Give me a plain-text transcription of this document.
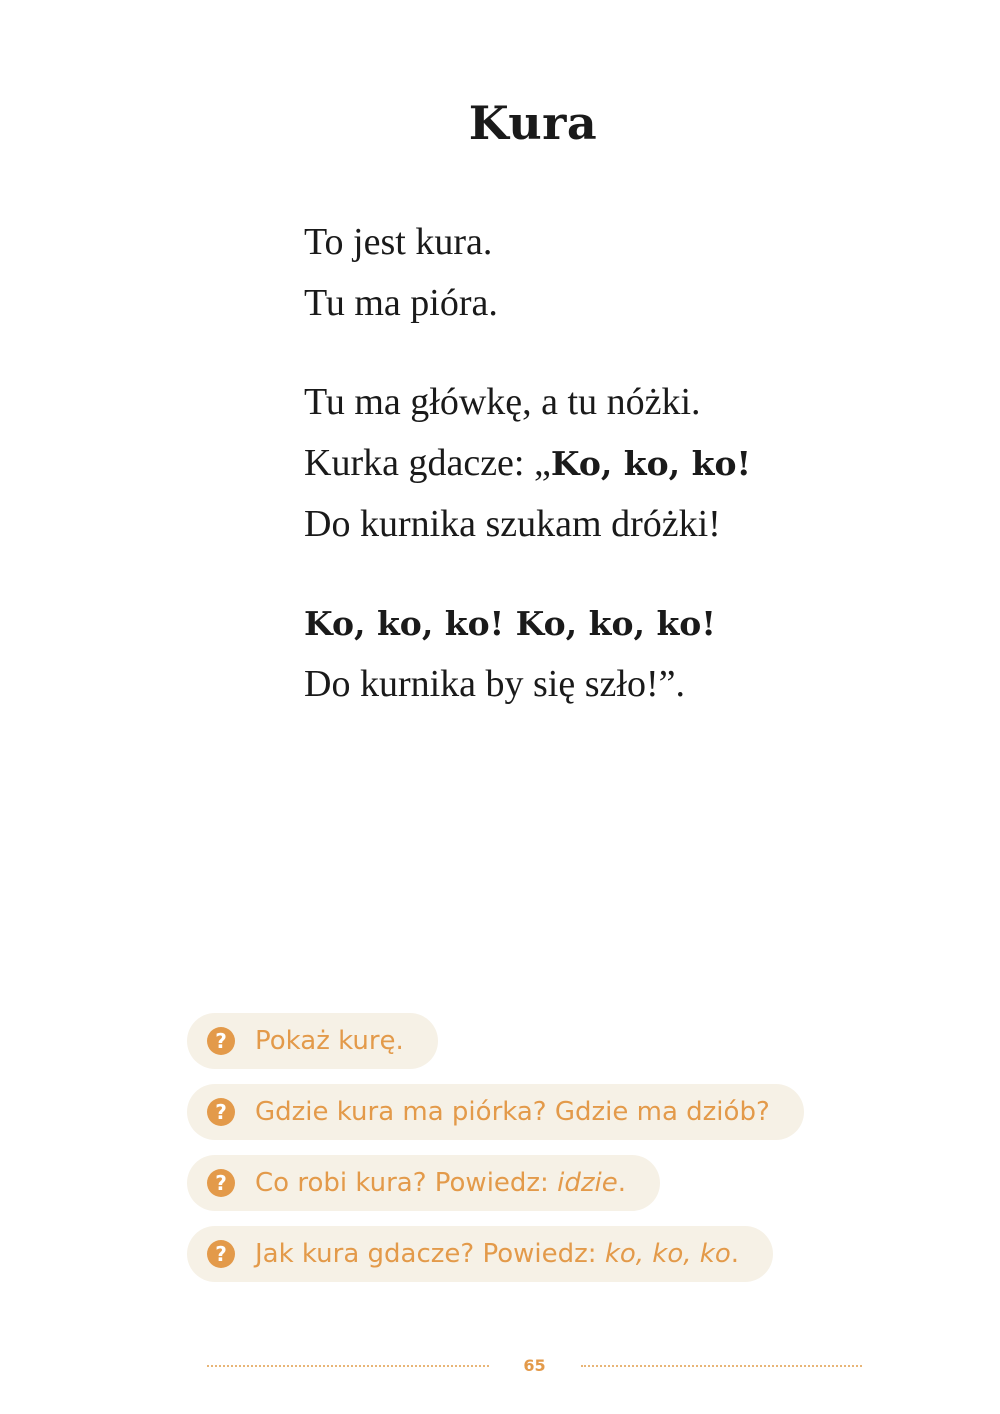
Kura
To jest kura.
Tu ma pióra.
Tu ma główkę, a tu nóżki.
Kurka gdacze: „Ko, ko, ko!
Do kurnika szukam dróżki!
Ko, ko, ko! Ko, ko, ko!
Do kurnika by się szło!”.
?	Pokaż kurę.
?	Gdzie kura ma piórka? Gdzie ma dziób?
?	Co robi kura? Powiedz: idzie.
?	Jak kura gdacze? Powiedz: ko, ko, ko.
65
